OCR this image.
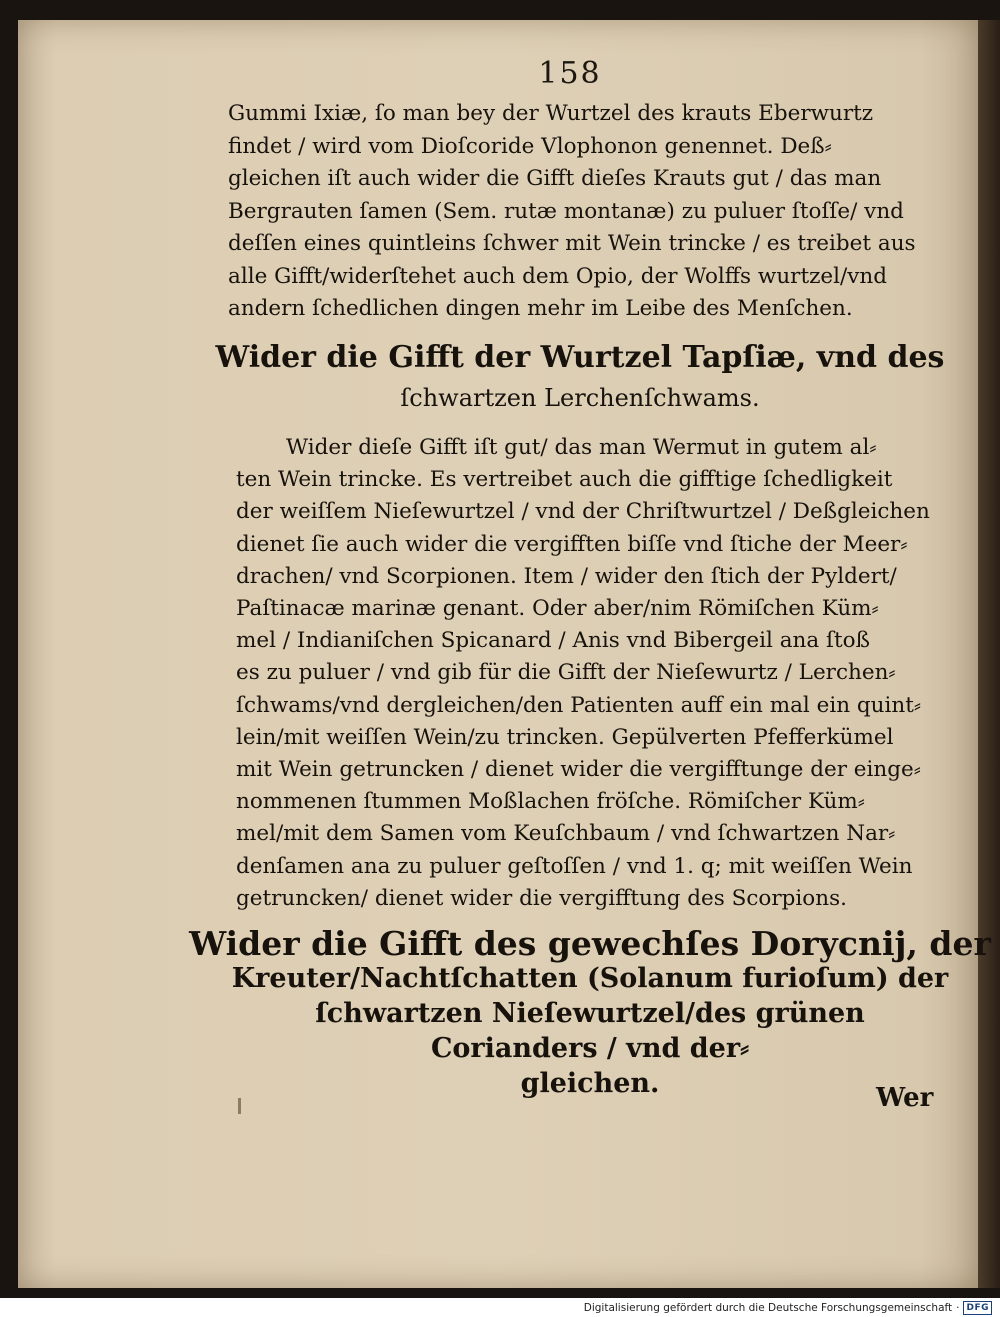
158
Gummi Ixiæ, ſo man bey der Wurtzel des krauts Eberwurtz
findet / wird vom Dioſcoride Vlophonon genennet. Deß⸗
gleichen iſt auch wider die Gifft dieſes Krauts gut / das man
Bergrauten ſamen (Sem. rutæ montanæ) zu puluer ſtoſſe/ vnd
deſſen eines quintleins ſchwer mit Wein trincke / es treibet aus
alle Gifft/widerſtehet auch dem Opio, der Wolffs wurtzel/vnd
andern ſchedlichen dingen mehr im Leibe des Menſchen.
Wider die Gifft der Wurtzel Tapſiæ, vnd des
ſchwartzen Lerchenſchwams.
Wider dieſe Gifft iſt gut/ das man Wermut in gutem al⸗
ten Wein trincke. Es vertreibet auch die gifftige ſchedligkeit
der weiſſem Nieſewurtzel / vnd der Chriſtwurtzel / Deßgleichen
dienet ſie auch wider die vergifften biſſe vnd ſtiche der Meer⸗
drachen/ vnd Scorpionen. Item / wider den ſtich der Pyldert/
Paſtinacæ marinæ genant. Oder aber/nim Römiſchen Küm⸗
mel / Indianiſchen Spicanard / Anis vnd Bibergeil ana ſtoß
es zu puluer / vnd gib für die Gifft der Nieſewurtz / Lerchen⸗
ſchwams/vnd dergleichen/den Patienten auff ein mal ein quint⸗
lein/mit weiſſen Wein/zu trincken. Gepülverten Pfefferkümel
mit Wein getruncken / dienet wider die vergifftunge der einge⸗
nommenen ſtummen Moßlachen fröſche. Römiſcher Küm⸗
mel/mit dem Samen vom Keuſchbaum / vnd ſchwartzen Nar⸗
denſamen ana zu puluer geſtoſſen / vnd 1. q; mit weiſſen Wein
getruncken/ dienet wider die vergifftung des Scorpions.
Wider die Gifft des gewechſes Dorycnij, der
Kreuter/Nachtſchatten (Solanum furioſum) der
ſchwartzen Nieſewurtzel/des grünen
Corianders / vnd der⸗
gleichen.	Wer
Digitalisierung gefördert durch die Deutsche Forschungsgemeinschaft · DFG
